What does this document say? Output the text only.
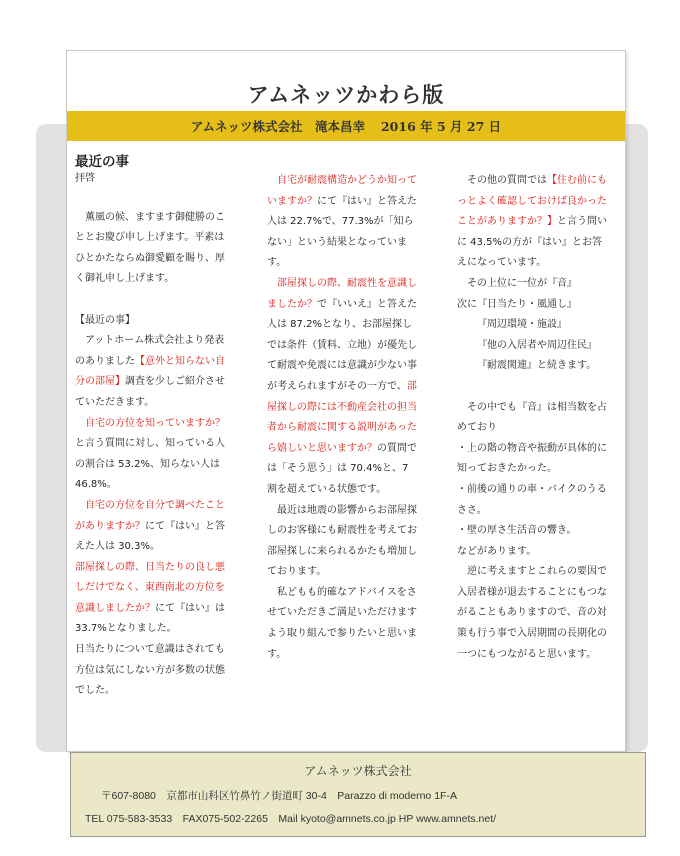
アムネッツかわら版
アムネッツ株式会社　滝本昌幸 2016 年 5 月 27 日

最近の事

拝啓

薫風の候、ますます御健勝のこととお慶び申し上げます。平素はひとかたならぬ御愛顧を賜り、厚く御礼申し上げます。

【最近の事】

アットホーム株式会社より発表のありました【意外と知らない自分の部屋】調査を少しご紹介させていただきます。

自宅の方位を知っていますか？と言う質問に対し、知っている人の割合は 53.2%、知らない人は 46.8%。

自宅の方位を自分で調べたことがありますか？にて『はい』と答えた人は 30.3%。

部屋探しの際、日当たりの良し悪しだけでなく、東西南北の方位を意識しましたか？にて『はい』は 33.7%となりました。

日当たりについて意識はされても方位は気にしない方が多数の状態でした。

自宅が耐震構造かどうか知っていますか？にて『はい』と答えた人は 22.7%で、77.3%が「知らない」という結果となっています。

部屋探しの際、耐震性を意識しましたか？で『いいえ』と答えた人は 87.2%となり、お部屋探しでは条件（賃料、立地）が優先して耐震や免震には意識が少ない事が考えられますがその一方で、部屋探しの際には不動産会社の担当者から耐震に関する説明があったら嬉しいと思いますか？の質問では「そう思う」は 70.4%と、7 割を超えている状態です。

最近は地震の影響からお部屋探しのお客様にも耐震性を考えてお部屋探しに来られるかたも増加しております。

私どもも的確なアドバイスをさせていただきご満足いただけますよう取り組んで参りたいと思います。

その他の質問では【住む前にもっとよく確認しておけば良かったことがありますか？】と言う問いに 43.5%の方が『はい』とお答えになっています。

その上位に一位が『音』

次に『日当たり・風通し』

『周辺環境・施設』

『他の入居者や周辺住民』

『耐震関連』と続きます。

その中でも『音』は相当数を占めており

・上の階の物音や振動が具体的に知っておきたかった。

・前後の通りの車・バイクのうるささ。

・壁の厚さ生活音の響き。

などがあります。

逆に考えますとこれらの要因で入居者様が退去することにもつながることもありますので、音の対策も行う事で入居期間の長期化の一つにもつながると思います。

アムネッツ株式会社
〒607-8080　京都市山科区竹鼻竹ノ街道町 30-4　Parazzo di moderno 1F-A
TEL 075-583-3533　FAX075-502-2265　Mail kyoto@amnets.co.jp HP www.amnets.net/
